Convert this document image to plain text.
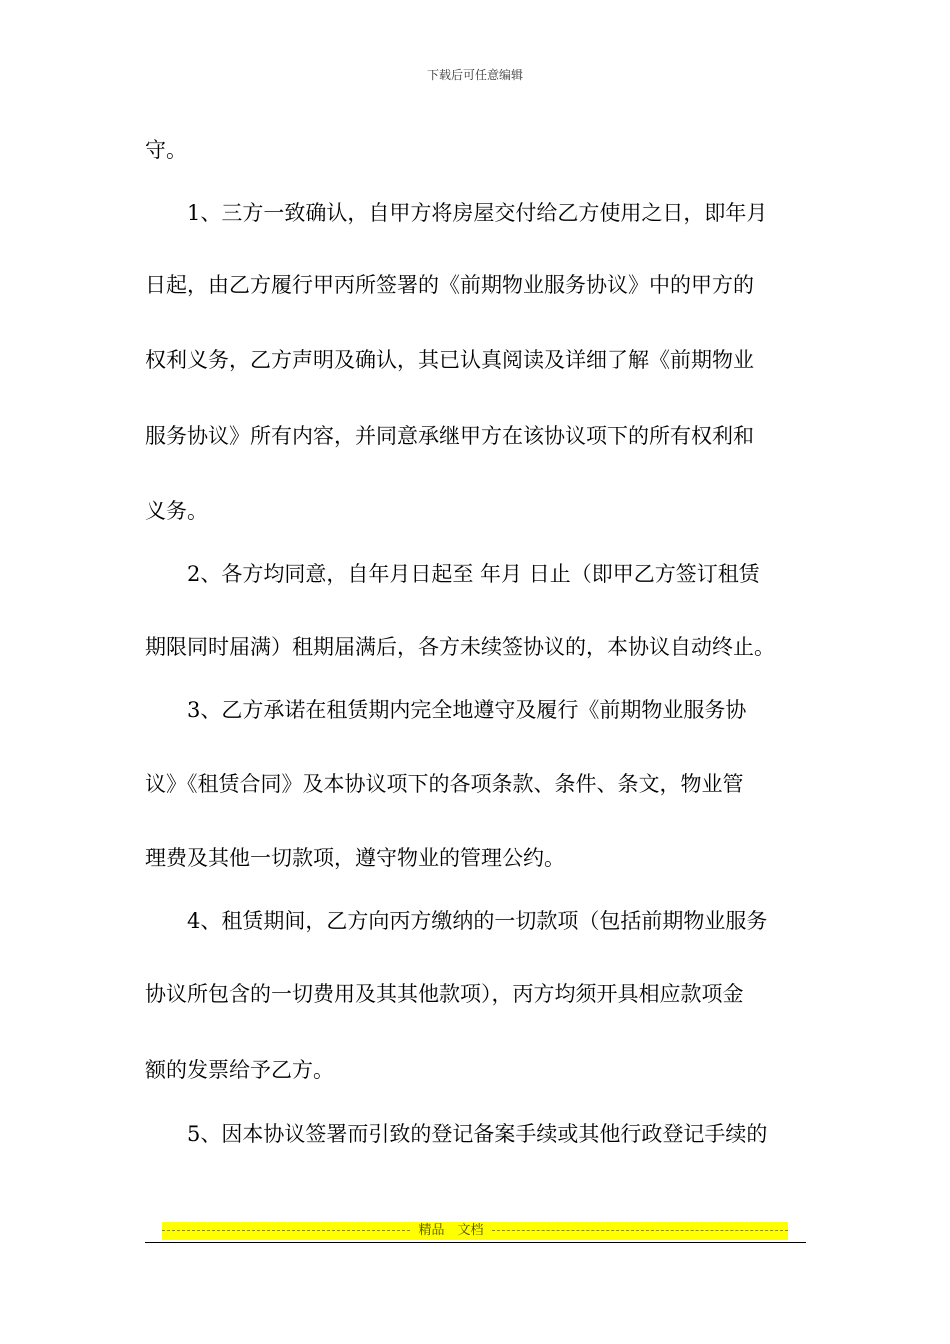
下载后可任意编辑
守。
　　1、三方一致确认，自甲方将房屋交付给乙方使用之日，即年月
日起，由乙方履行甲丙所签署的《前期物业服务协议》中的甲方的
权利义务，乙方声明及确认，其已认真阅读及详细了解《前期物业
服务协议》所有内容，并同意承继甲方在该协议项下的所有权利和
义务。
　　2、各方均同意，自年月日起至 年月 日止（即甲乙方签订租赁
期限同时届满）租期届满后，各方未续签协议的，本协议自动终止。
　　3、乙方承诺在租赁期内完全地遵守及履行《前期物业服务协
议》《租赁合同》及本协议项下的各项条款、条件、条文，物业管
理费及其他一切款项，遵守物业的管理公约。
　　4、租赁期间，乙方向丙方缴纳的一切款项（包括前期物业服务
协议所包含的一切费用及其其他款项），丙方均须开具相应款项金
额的发票给予乙方。
　　5、因本协议签署而引致的登记备案手续或其他行政登记手续的
精品　文档
